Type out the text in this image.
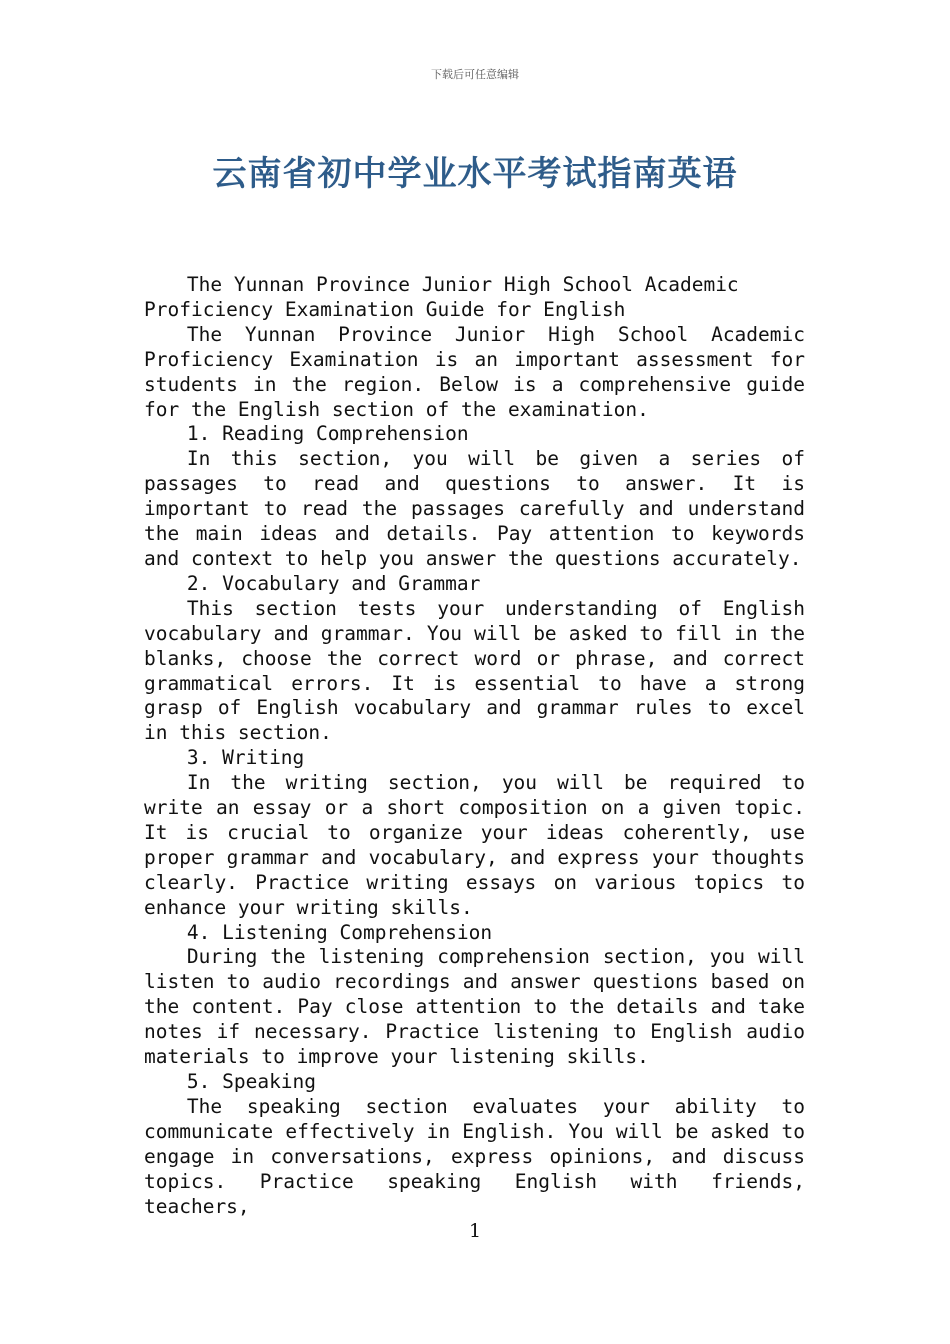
下载后可任意编辑
云南省初中学业水平考试指南英语

The Yunnan Province Junior High School Academic Proficiency Examination Guide for English

The Yunnan Province Junior High School Academic Proficiency Examination is an important assessment for students in the region. Below is a comprehensive guide for the English section of the examination.

1. Reading Comprehension

In this section, you will be given a series of passages to read and questions to answer. It is important to read the passages carefully and understand the main ideas and details. Pay attention to keywords and context to help you answer the questions accurately.

2. Vocabulary and Grammar

This section tests your understanding of English vocabulary and grammar. You will be asked to fill in the blanks, choose the correct word or phrase, and correct grammatical errors. It is essential to have a strong grasp of English vocabulary and grammar rules to excel in this section.

3. Writing

In the writing section, you will be required to write an essay or a short composition on a given topic. It is crucial to organize your ideas coherently, use proper grammar and vocabulary, and express your thoughts clearly. Practice writing essays on various topics to enhance your writing skills.

4. Listening Comprehension

During the listening comprehension section, you will listen to audio recordings and answer questions based on the content. Pay close attention to the details and take notes if necessary. Practice listening to English audio materials to improve your listening skills.

5. Speaking

The speaking section evaluates your ability to communicate effectively in English. You will be asked to engage in conversations, express opinions, and discuss topics. Practice speaking English with friends, teachers,

1
